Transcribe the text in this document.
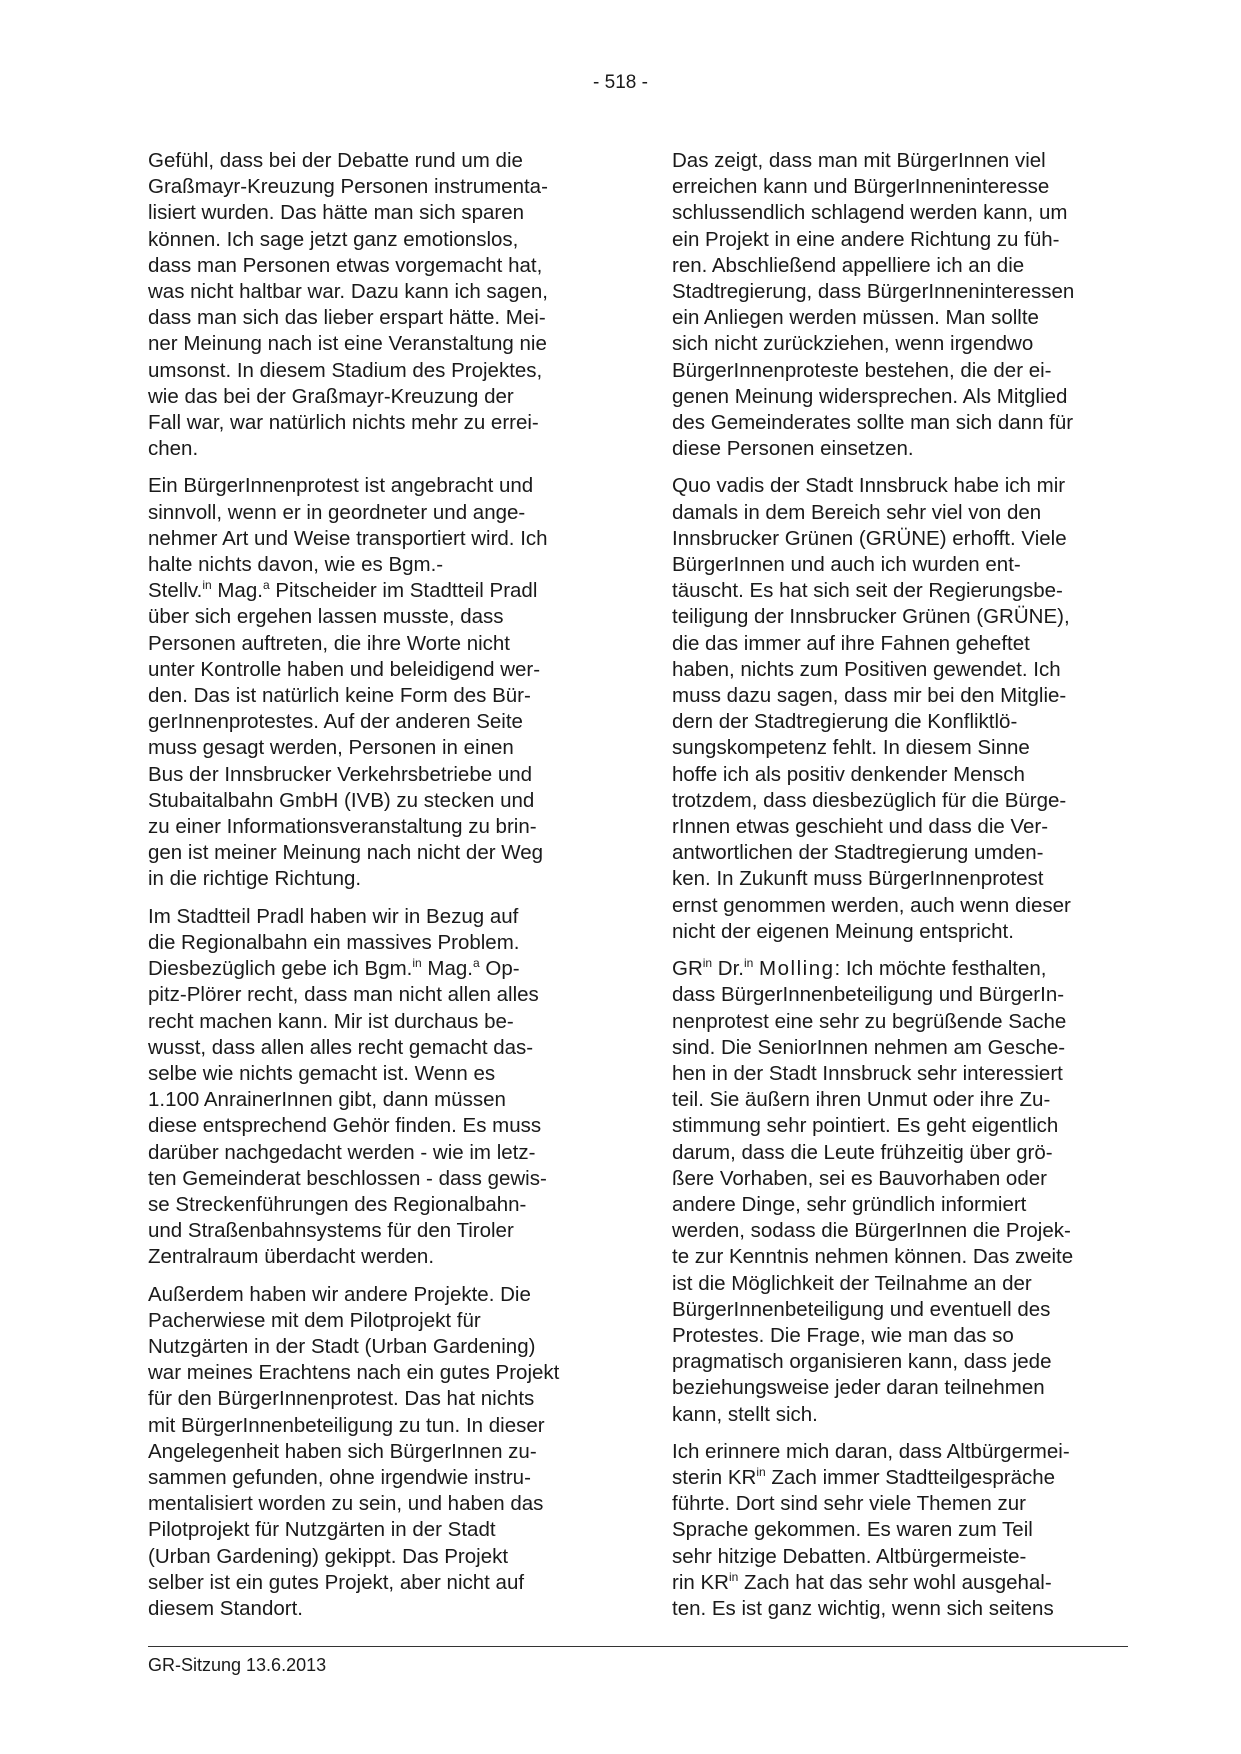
- 518 -

Gefühl, dass bei der Debatte rund um die
Graßmayr-Kreuzung Personen instrumenta-
lisiert wurden. Das hätte man sich sparen
können. Ich sage jetzt ganz emotionslos,
dass man Personen etwas vorgemacht hat,
was nicht haltbar war. Dazu kann ich sagen,
dass man sich das lieber erspart hätte. Mei-
ner Meinung nach ist eine Veranstaltung nie
umsonst. In diesem Stadium des Projektes,
wie das bei der Graßmayr-Kreuzung der
Fall war, war natürlich nichts mehr zu errei-
chen.

Ein BürgerInnenprotest ist angebracht und
sinnvoll, wenn er in geordneter und ange-
nehmer Art und Weise transportiert wird. Ich
halte nichts davon, wie es Bgm.-
Stellv.$^{in}$ Mag.$^a$ Pitscheider im Stadtteil Pradl
über sich ergehen lassen musste, dass
Personen auftreten, die ihre Worte nicht
unter Kontrolle haben und beleidigend wer-
den. Das ist natürlich keine Form des Bür-
gerInnenprotestes. Auf der anderen Seite
muss gesagt werden, Personen in einen
Bus der Innsbrucker Verkehrsbetriebe und
Stubaitalbahn GmbH (IVB) zu stecken und
zu einer Informationsveranstaltung zu brin-
gen ist meiner Meinung nach nicht der Weg
in die richtige Richtung.

Im Stadtteil Pradl haben wir in Bezug auf
die Regionalbahn ein massives Problem.
Diesbezüglich gebe ich Bgm.$^{in}$ Mag.$^a$ Op-
pitz-Plörer recht, dass man nicht allen alles
recht machen kann. Mir ist durchaus be-
wusst, dass allen alles recht gemacht das-
selbe wie nichts gemacht ist. Wenn es
1.100 AnrainerInnen gibt, dann müssen
diese entsprechend Gehör finden. Es muss
darüber nachgedacht werden - wie im letz-
ten Gemeinderat beschlossen - dass gewis-
se Streckenführungen des Regionalbahn-
und Straßenbahnsystems für den Tiroler
Zentralraum überdacht werden.

Außerdem haben wir andere Projekte. Die
Pacherwiese mit dem Pilotprojekt für
Nutzgärten in der Stadt (Urban Gardening)
war meines Erachtens nach ein gutes Projekt
für den BürgerInnenprotest. Das hat nichts
mit BürgerInnenbeteiligung zu tun. In dieser
Angelegenheit haben sich BürgerInnen zu-
sammen gefunden, ohne irgendwie instru-
mentalisiert worden zu sein, und haben das
Pilotprojekt für Nutzgärten in der Stadt
(Urban Gardening) gekippt. Das Projekt
selber ist ein gutes Projekt, aber nicht auf
diesem Standort.

Das zeigt, dass man mit BürgerInnen viel
erreichen kann und BürgerInneninteresse
schlussendlich schlagend werden kann, um
ein Projekt in eine andere Richtung zu füh-
ren. Abschließend appelliere ich an die
Stadtregierung, dass BürgerInneninteressen
ein Anliegen werden müssen. Man sollte
sich nicht zurückziehen, wenn irgendwo
BürgerInnenproteste bestehen, die der ei-
genen Meinung widersprechen. Als Mitglied
des Gemeinderates sollte man sich dann für
diese Personen einsetzen.

Quo vadis der Stadt Innsbruck habe ich mir
damals in dem Bereich sehr viel von den
Innsbrucker Grünen (GRÜNE) erhofft. Viele
BürgerInnen und auch ich wurden ent-
täuscht. Es hat sich seit der Regierungsbe-
teiligung der Innsbrucker Grünen (GRÜNE),
die das immer auf ihre Fahnen geheftet
haben, nichts zum Positiven gewendet. Ich
muss dazu sagen, dass mir bei den Mitglie-
dern der Stadtregierung die Konfliktlö-
sungskompetenz fehlt. In diesem Sinne
hoffe ich als positiv denkender Mensch
trotzdem, dass diesbezüglich für die Bürge-
rInnen etwas geschieht und dass die Ver-
antwortlichen der Stadtregierung umden-
ken. In Zukunft muss BürgerInnenprotest
ernst genommen werden, auch wenn dieser
nicht der eigenen Meinung entspricht.

$GR^{in}$ Dr.$^{in}$ Molling: Ich möchte festhalten,
dass BürgerInnenbeteiligung und BürgerIn-
nenprotest eine sehr zu begrüßende Sache
sind. Die SeniorInnen nehmen am Gesche-
hen in der Stadt Innsbruck sehr interessiert
teil. Sie äußern ihren Unmut oder ihre Zu-
stimmung sehr pointiert. Es geht eigentlich
darum, dass die Leute frühzeitig über grö-
ßere Vorhaben, sei es Bauvorhaben oder
andere Dinge, sehr gründlich informiert
werden, sodass die BürgerInnen die Projek-
te zur Kenntnis nehmen können. Das zweite
ist die Möglichkeit der Teilnahme an der
BürgerInnenbeteiligung und eventuell des
Protestes. Die Frage, wie man das so
pragmatisch organisieren kann, dass jede
beziehungsweise jeder daran teilnehmen
kann, stellt sich.

Ich erinnere mich daran, dass Altbürgermei-
sterin $KR^{in}$ Zach immer Stadtteilgespräche
führte. Dort sind sehr viele Themen zur
Sprache gekommen. Es waren zum Teil
sehr hitzige Debatten. Altbürgermeiste-
rin $KR^{in}$ Zach hat das sehr wohl ausgehal-
ten. Es ist ganz wichtig, wenn sich seitens

GR-Sitzung 13.6.2013
